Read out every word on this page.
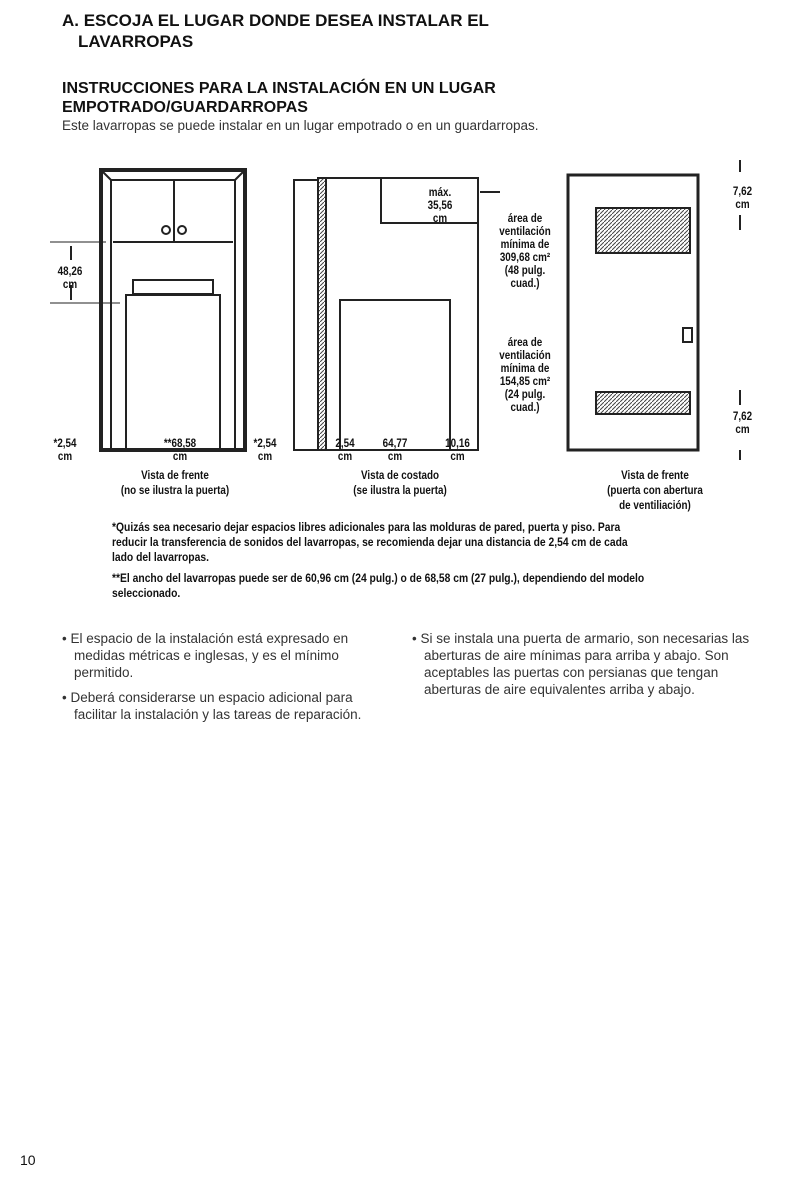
A. ESCOJA EL LUGAR DONDE DESEA INSTALAR EL
LAVARROPAS
INSTRUCCIONES PARA LA INSTALACIÓN EN UN LUGAR EMPOTRADO/GUARDARROPAS
Este lavarropas se puede instalar en un lugar empotrado o en un guardarropas.
48,26
cm
*2,54
cm
**68,58
cm
*2,54
cm
Vista de frente
(no se ilustra la puerta)
máx.
35,56
cm
2,54
cm
64,77
cm
10,16
cm
Vista de costado
(se ilustra la puerta)
área de
ventilación
mínima de
309,68 cm²
(48 pulg.
cuad.)
área de
ventilación
mínima de
154,85 cm²
(24 pulg.
cuad.)
7,62
cm
7,62
cm
Vista de frente
(puerta con abertura
de ventiliación)

*Quizás sea necesario dejar espacios libres adicionales para las molduras de pared, puerta y piso. Para reducir la transferencia de sonidos del lavarropas, se recomienda dejar una distancia de 2,54 cm de cada lado del lavarropas.

**El ancho del lavarropas puede ser de 60,96 cm (24 pulg.) o de 68,58 cm (27 pulg.), dependiendo del modelo seleccionado.

• El espacio de la instalación está expresado en medidas métricas e inglesas, y es el mínimo permitido.

• Deberá considerarse un espacio adicional para facilitar la instalación y las tareas de reparación.

• Si se instala una puerta de armario, son necesarias las aberturas de aire mínimas para arriba y abajo. Son aceptables las puertas con persianas que tengan aberturas de aire equivalentes arriba y abajo.

10
